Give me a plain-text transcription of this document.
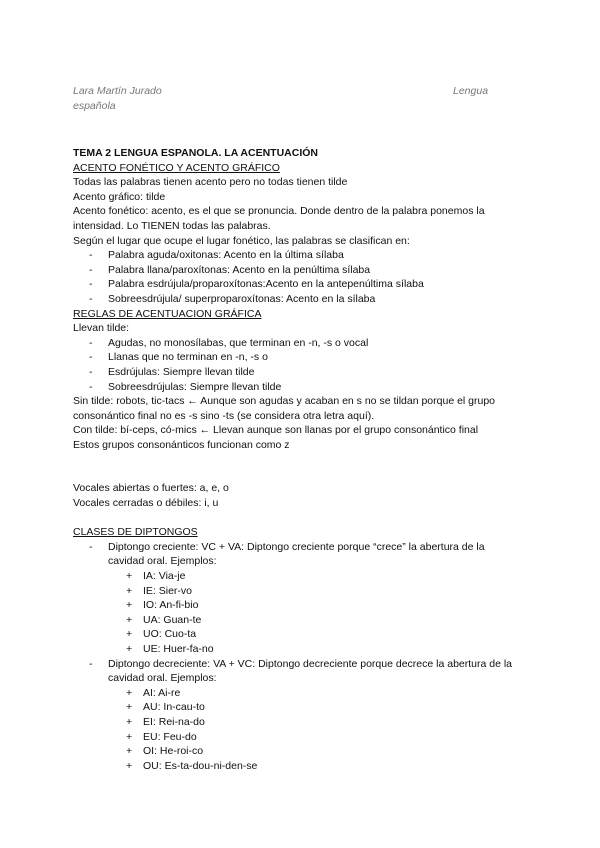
Lara Martín Jurado	Lengua
española
TEMA 2 LENGUA ESPANOLA. LA ACENTUACIÓN
ACENTO FONÉTICO Y ACENTO GRÁFICO
Todas las palabras tienen acento pero no todas tienen tilde
Acento gráfico: tilde
Acento fonético: acento, es el que se pronuncia. Donde dentro de la palabra ponemos la intensidad. Lo TIENEN todas las palabras.
Según el lugar que ocupe el lugar fonético, las palabras se clasifican en:
- Palabra aguda/oxitonas: Acento en la última sílaba
- Palabra llana/paroxítonas: Acento en la penúltima sílaba
- Palabra esdrújula/proparoxítonas:Acento en la antepenúltima sílaba
- Sobreesdrújula/ superproparoxítonas: Acento en la sílaba
REGLAS DE ACENTUACION GRÁFICA
Llevan tilde:
- Agudas, no monosílabas, que terminan en -n, -s o vocal
- Llanas que no terminan en -n, -s o
- Esdrújulas: Siempre llevan tilde
- Sobreesdrújulas: Siempre llevan tilde
Sin tilde: robots, tic-tacs ← Aunque son agudas y acaban en s no se tildan porque el grupo consonántico final no es -s sino -ts (se considera otra letra aquí).
Con tilde: bí-ceps, có-mics ← Llevan aunque son llanas por el grupo consonántico final
Estos grupos consonánticos funcionan como z
Vocales abiertas o fuertes: a, e, o
Vocales cerradas o débiles: i, u
CLASES DE DIPTONGOS
- Diptongo creciente: VC + VA: Diptongo creciente porque “crece” la abertura de la cavidad oral. Ejemplos:
+ IA: Via-je
+ IE: Sier-vo
+ IO: An-fi-bio
+ UA: Guan-te
+ UO: Cuo-ta
+ UE: Huer-fa-no
- Diptongo decreciente: VA + VC: Diptongo decreciente porque decrece la abertura de la cavidad oral. Ejemplos:
+ AI: Ai-re
+ AU: In-cau-to
+ EI: Rei-na-do
+ EU: Feu-do
+ OI: He-roi-co
+ OU: Es-ta-dou-ni-den-se
